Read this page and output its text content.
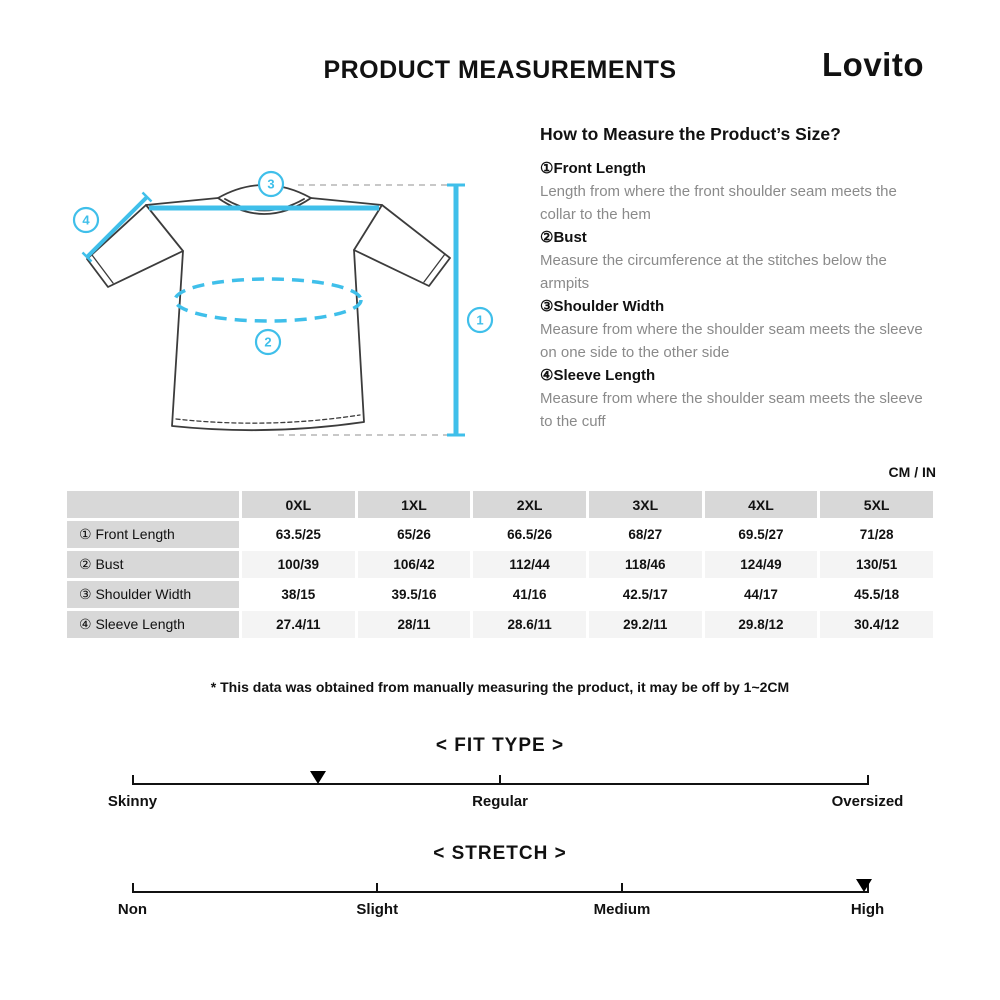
PRODUCT MEASUREMENTS	Lovito
1
2
3
4
How to Measure the Product’s Size?
①Front Length
Length from where the front shoulder seam meets the collar to the hem
②Bust
Measure the circumference at the stitches below the armpits
③Shoulder Width
Measure from where the shoulder seam meets the sleeve on one side to the other side
④Sleeve Length
Measure from where the shoulder seam meets the sleeve to the cuff
CM / IN
	0XL	1XL	2XL	3XL	4XL	5XL
① Front Length	63.5/25	65/26	66.5/26	68/27	69.5/27	71/28
② Bust	100/39	106/42	112/44	118/46	124/49	130/51
③ Shoulder Width	38/15	39.5/16	41/16	42.5/17	44/17	45.5/18
④ Sleeve Length	27.4/11	28/11	28.6/11	29.2/11	29.8/12	30.4/12
* This data was obtained from manually measuring the product, it may be off by 1~2CM
< FIT TYPE >
Skinny	Regular	Oversized
< STRETCH >
Non	Slight	Medium	High
